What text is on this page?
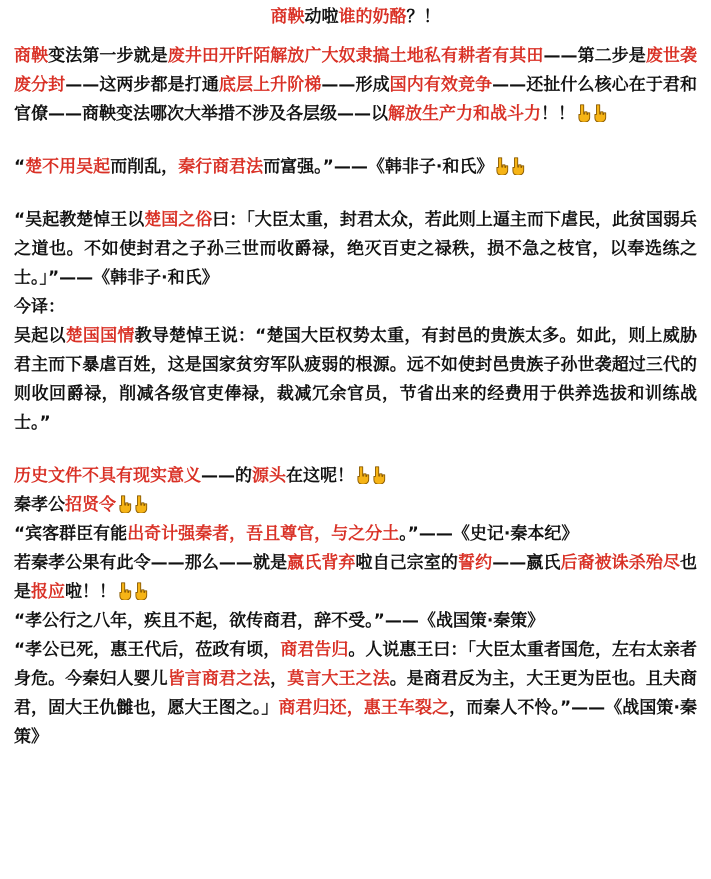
商鞅动啦谁的奶酪？！

商鞅变法第一步就是废井田开阡陌解放广大奴隶搞土地私有耕者有其田——第二步是废世袭废分封——这两步都是打通底层上升阶梯——形成国内有效竞争——还扯什么核心在于君和官僚——商鞅变法哪次大举措不涉及各层级——以解放生产力和战斗力！！

“楚不用吴起而削乱，秦行商君法而富强。”——《韩非子·和氏》

“吴起教楚悼王以楚国之俗曰：「大臣太重，封君太众，若此则上逼主而下虐民，此贫国弱兵之道也。不如使封君之子孙三世而收爵禄，绝灭百吏之禄秩，损不急之枝官，以奉选练之士。」”——《韩非子·和氏》

今译：

吴起以楚国国情教导楚悼王说：“楚国大臣权势太重，有封邑的贵族太多。如此，则上威胁君主而下暴虐百姓，这是国家贫穷军队疲弱的根源。远不如使封邑贵族子孙世袭超过三代的则收回爵禄，削减各级官吏俸禄，裁减冗余官员，节省出来的经费用于供养选拔和训练战士。”

历史文件不具有现实意义——的源头在这呢！

秦孝公招贤令

“宾客群臣有能出奇计强秦者，吾且尊官，与之分土。”——《史记·秦本纪》

若秦孝公果有此令——那么——就是嬴氏背弃啦自己宗室的誓约——嬴氏后裔被诛杀殆尽也是报应啦！！

“孝公行之八年，疾且不起，欲传商君，辞不受。”——《战国策·秦策》

“孝公已死，惠王代后，莅政有顷，商君告归。人说惠王曰：「大臣太重者国危，左右太亲者身危。今秦妇人婴儿皆言商君之法，莫言大王之法。是商君反为主，大王更为臣也。且夫商君，固大王仇雠也，愿大王图之。」商君归还，惠王车裂之，而秦人不怜。”——《战国策·秦策》
